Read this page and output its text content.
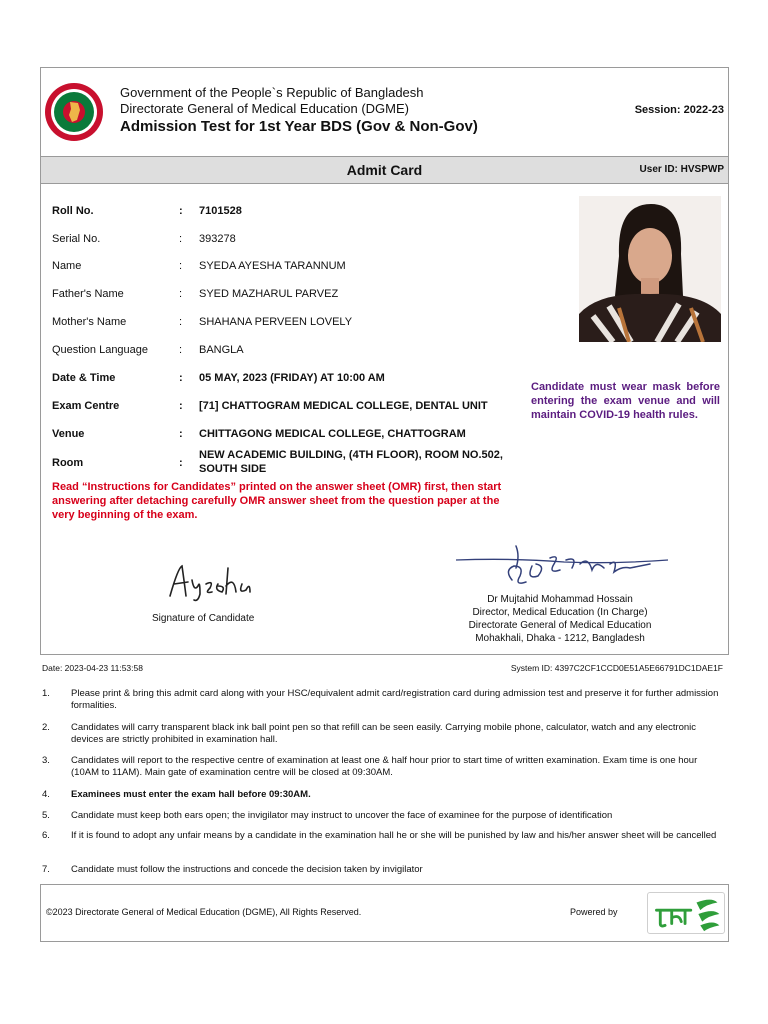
Government of the People`s Republic of Bangladesh
Directorate General of Medical Education (DGME)
Admission Test for 1st Year BDS (Gov & Non-Gov)
Session: 2022-23
Admit Card	User ID: HVSPWP
Roll No.	: 7101528
Serial No.	: 393278
Name	: SYEDA AYESHA TARANNUM
Father's Name	: SYED MAZHARUL PARVEZ
Mother's Name	: SHAHANA PERVEEN LOVELY
Question Language	: BANGLA
Date & Time	: 05 MAY, 2023 (FRIDAY) AT 10:00 AM
Exam Centre	: [71] CHATTOGRAM MEDICAL COLLEGE, DENTAL UNIT
Venue	: CHITTAGONG MEDICAL COLLEGE, CHATTOGRAM
Room	:
NEW ACADEMIC BUILDING, (4TH FLOOR), ROOM NO.502,
SOUTH SIDE
Candidate must wear mask before entering the exam venue and will maintain COVID-19 health rules.
Read “Instructions for Candidates” printed on the answer sheet (OMR) first, then start answering after detaching carefully OMR answer sheet from the question paper at the very beginning of the exam.
Signature of Candidate
Dr Mujtahid Mohammad Hossain
Director, Medical Education (In Charge)
Directorate General of Medical Education
Mohakhali, Dhaka - 1212, Bangladesh
Date: 2023-04-23 11:53:58	System ID: 4397C2CF1CCD0E51A5E66791DC1DAE1F
1. Please print & bring this admit card along with your HSC/equivalent admit card/registration card during admission test and preserve it for further admission formalities.
2. Candidates will carry transparent black ink ball point pen so that refill can be seen easily. Carrying mobile phone, calculator, watch and any electronic devices are strictly prohibited in examination hall.
3. Candidates will report to the respective centre of examination at least one & half hour prior to start time of written examination. Exam time is one hour (10AM to 11AM). Main gate of examination centre will be closed at 09:30AM.
4. Examinees must enter the exam hall before 09:30AM.
5. Candidate must keep both ears open; the invigilator may instruct to uncover the face of examinee for the purpose of identification
6. If it is found to adopt any unfair means by a candidate in the examination hall he or she will be punished by law and his/her answer sheet will be cancelled
7. Candidate must follow the instructions and concede the decision taken by invigilator
©2023 Directorate General of Medical Education (DGME), All Rights Reserved.	Powered by
